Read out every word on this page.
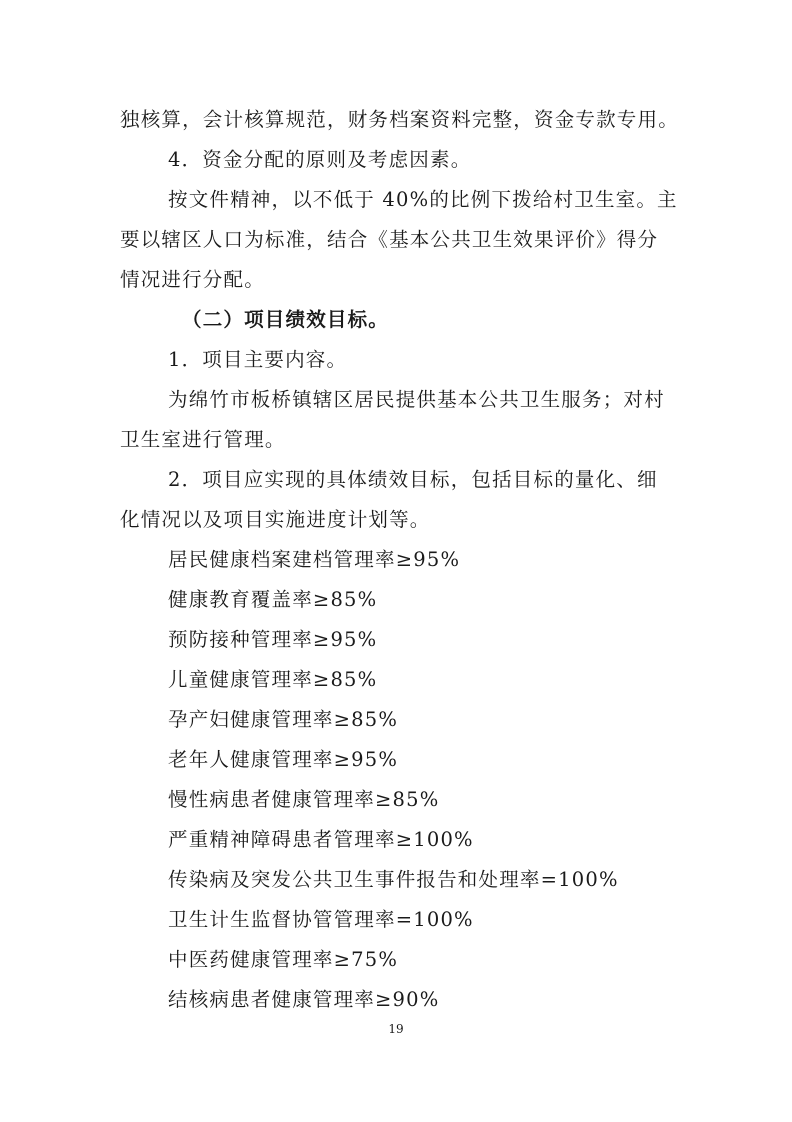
独核算，会计核算规范，财务档案资料完整，资金专款专用。
4．资金分配的原则及考虑因素。
按文件精神，以不低于 40%的比例下拨给村卫生室。主
要以辖区人口为标准，结合《基本公共卫生效果评价》得分
情况进行分配。
（二）项目绩效目标。
1．项目主要内容。
为绵竹市板桥镇辖区居民提供基本公共卫生服务；对村
卫生室进行管理。
2．项目应实现的具体绩效目标，包括目标的量化、细
化情况以及项目实施进度计划等。
居民健康档案建档管理率≥95%
健康教育覆盖率≥85%
预防接种管理率≥95%
儿童健康管理率≥85%
孕产妇健康管理率≥85%
老年人健康管理率≥95%
慢性病患者健康管理率≥85%
严重精神障碍患者管理率≥100%
传染病及突发公共卫生事件报告和处理率=100%
卫生计生监督协管管理率=100%
中医药健康管理率≥75%
结核病患者健康管理率≥90%
19
